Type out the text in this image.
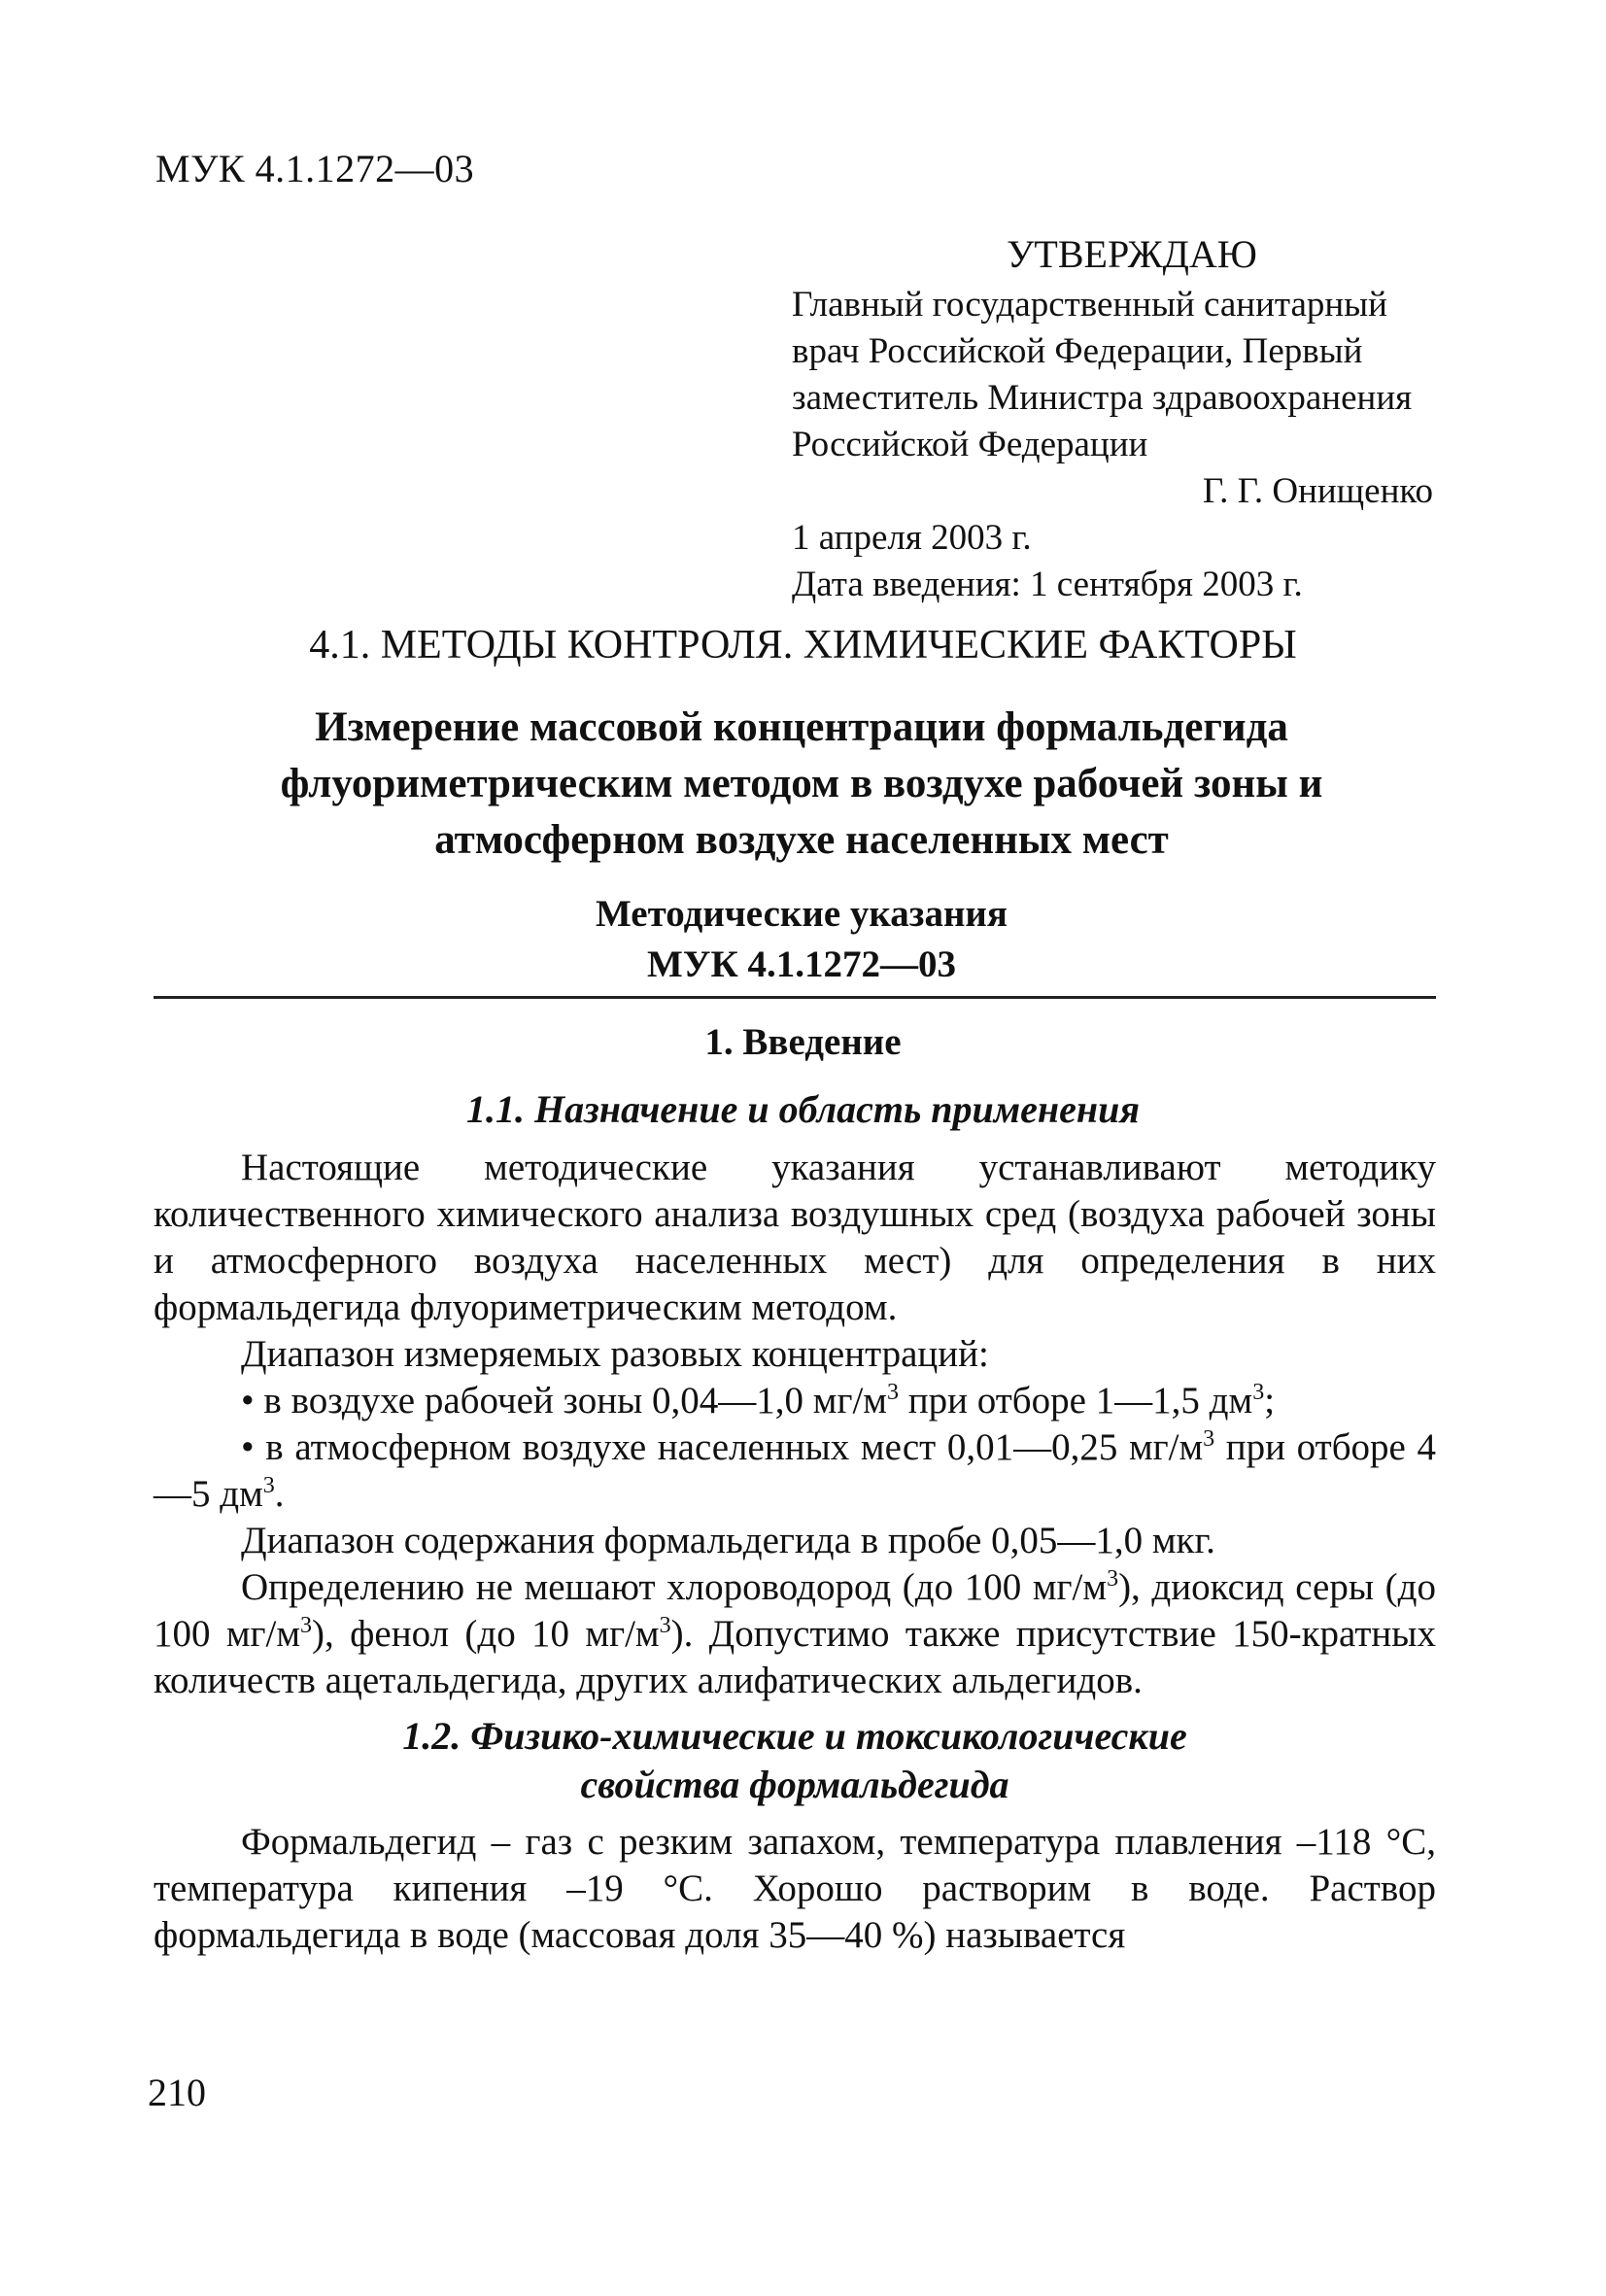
МУК 4.1.1272—03
УТВЕРЖДАЮ
Главный государственный санитарный
врач Российской Федерации, Первый
заместитель Министра здравоохранения
Российской Федерации
Г. Г. Онищенко
1 апреля 2003 г.
Дата введения: 1 сентября 2003 г.
4.1. МЕТОДЫ КОНТРОЛЯ. ХИМИЧЕСКИЕ ФАКТОРЫ
Измерение массовой концентрации формальдегида
флуориметрическим методом в воздухе рабочей зоны и
атмосферном воздухе населенных мест
Методические указания
МУК 4.1.1272—03
1. Введение
1.1. Назначение и область применения

Настоящие методические указания устанавливают методику количественного химического анализа воздушных сред (воздуха рабочей зоны и атмосферного воздуха населенных мест) для определения в них формальдегида флуориметрическим методом.

Диапазон измеряемых разовых концентраций:

• в воздухе рабочей зоны 0,04—1,0 $мг/м^3$ при отборе 1—1,5 $дм^3$;

• в атмосферном воздухе населенных мест 0,01—0,25 $мг/м^3$ при отборе 4—5 $дм^3$.

Диапазон содержания формальдегида в пробе 0,05—1,0 мкг.

Определению не мешают хлороводород (до 100 $мг/м^3$), диоксид серы (до 100 $мг/м^3$), фенол (до 10 $мг/м^3$). Допустимо также присутствие 150-кратных количеств ацетальдегида, других алифатических альдегидов.

1.2. Физико-химические и токсикологические
свойства формальдегида

Формальдегид – газ с резким запахом, температура плавления –118 °С, температура кипения –19 °С. Хорошо растворим в воде. Раствор формальдегида в воде (массовая доля 35—40 %) называется

210
